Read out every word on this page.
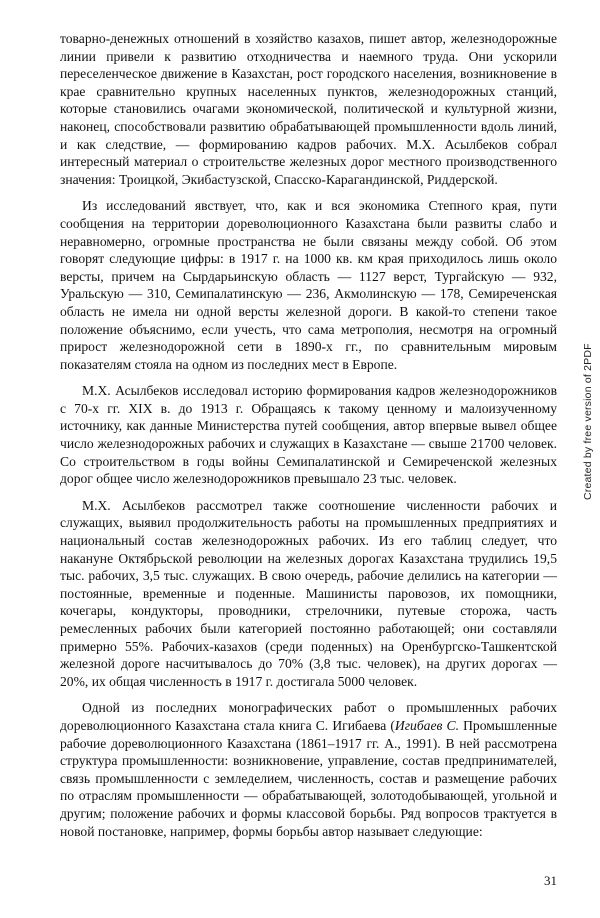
товарно-денежных отношений в хозяйство казахов, пишет автор, железнодорожные линии привели к развитию отходничества и наемного труда. Они ускорили переселенческое движение в Казахстан, рост городского населения, возникновение в крае сравнительно крупных населенных пунктов, железнодорожных станций, которые становились очагами экономической, политической и культурной жизни, наконец, способствовали развитию обрабатывающей промышленности вдоль линий, и как следствие, — формированию кадров рабочих. М.Х. Асылбеков собрал интересный материал о строительстве железных дорог местного производственного значения: Троицкой, Экибастузской, Спасско-Карагандинской, Риддерской.

Из исследований явствует, что, как и вся экономика Степного края, пути сообщения на территории дореволюционного Казахстана были развиты слабо и неравномерно, огромные пространства не были связаны между собой. Об этом говорят следующие цифры: в 1917 г. на 1000 кв. км края приходилось лишь около версты, причем на Сырдарьинскую область — 1127 верст, Тургайскую — 932, Уральскую — 310, Семипалатинскую — 236, Акмолинскую — 178, Семиреченская область не имела ни одной версты железной дороги. В какой-то степени такое положение объяснимо, если учесть, что сама метрополия, несмотря на огромный прирост железнодорожной сети в 1890-х гг., по сравнительным мировым показателям стояла на одном из последних мест в Европе.

М.Х. Асылбеков исследовал историю формирования кадров железнодорожников с 70-х гг. XIX в. до 1913 г. Обращаясь к такому ценному и малоизученному источнику, как данные Министерства путей сообщения, автор впервые вывел общее число железнодорожных рабочих и служащих в Казахстане — свыше 21700 человек. Со строительством в годы войны Семипалатинской и Семиреченской железных дорог общее число железнодорожников превышало 23 тыс. человек.

М.Х. Асылбеков рассмотрел также соотношение численности рабочих и служащих, выявил продолжительность работы на промышленных предприятиях и национальный состав железнодорожных рабочих. Из его таблиц следует, что накануне Октябрьской революции на железных дорогах Казахстана трудились 19,5 тыс. рабочих, 3,5 тыс. служащих. В свою очередь, рабочие делились на категории — постоянные, временные и поденные. Машинисты паровозов, их помощники, кочегары, кондукторы, проводники, стрелочники, путевые сторожа, часть ремесленных рабочих были категорией постоянно работающей; они составляли примерно 55%. Рабочих-казахов (среди поденных) на Оренбургско-Ташкентской железной дороге насчитывалось до 70% (3,8 тыс. человек), на других дорогах — 20%, их общая численность в 1917 г. достигала 5000 человек.

Одной из последних монографических работ о промышленных рабочих дореволюционного Казахстана стала книга С. Игибаева (Игибаев С. Промышленные рабочие дореволюционного Казахстана (1861–1917 гг. А., 1991). В ней рассмотрена структура промышленности: возникновение, управление, состав предпринимателей, связь промышленности с земледелием, численность, состав и размещение рабочих по отраслям промышленности — обрабатывающей, золотодобывающей, угольной и другим; положение рабочих и формы классовой борьбы. Ряд вопросов трактуется в новой постановке, например, формы борьбы автор называет следующие:

31
Created by free version of 2PDF
